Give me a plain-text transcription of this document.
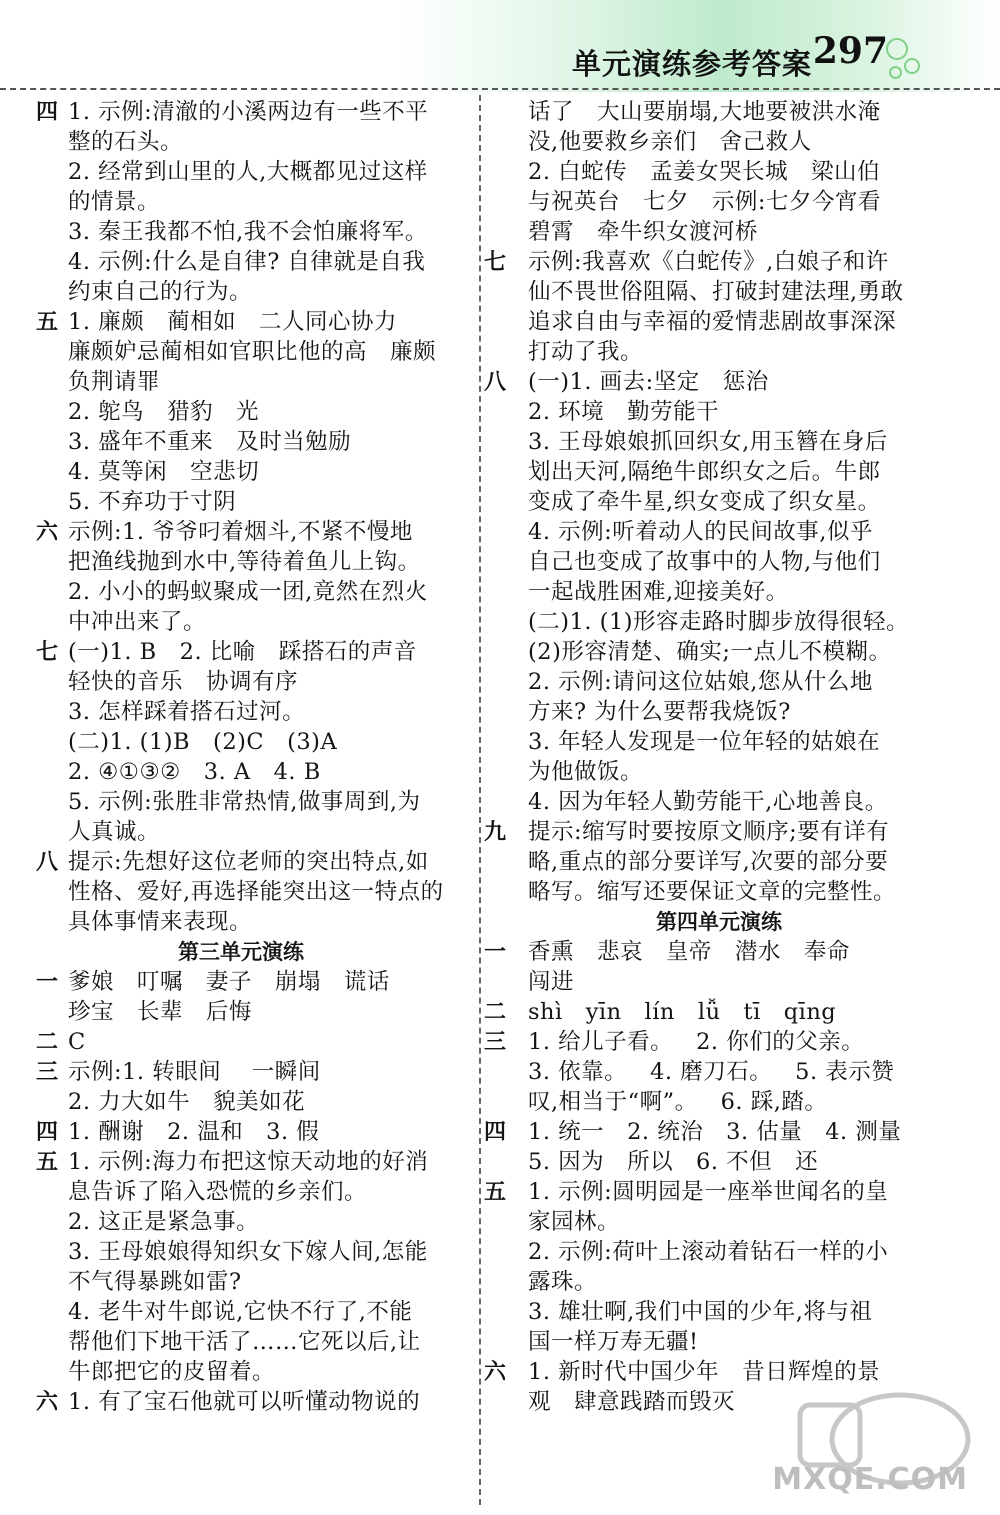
单元演练参考答案 297
四 1. 示例:清澈的小溪两边有一些不平
整的石头。
2. 经常到山里的人,大概都见过这样
的情景。
3. 秦王我都不怕,我不会怕廉将军。
4. 示例:什么是自律? 自律就是自我
约束自己的行为。
五 1. 廉颇   蔺相如   二人同心协力
廉颇妒忌蔺相如官职比他的高   廉颇
负荆请罪
2. 鸵鸟   猎豹   光
3. 盛年不重来   及时当勉励
4. 莫等闲   空悲切
5. 不弃功于寸阴
六 示例:1. 爷爷叼着烟斗,不紧不慢地
把渔线抛到水中,等待着鱼儿上钩。
2. 小小的蚂蚁聚成一团,竟然在烈火
中冲出来了。
七 (一)1. B   2. 比喻   踩搭石的声音
轻快的音乐   协调有序
3. 怎样踩着搭石过河。
(二)1. (1)B   (2)C   (3)A
2. ④①③②   3. A   4. B
5. 示例:张胜非常热情,做事周到,为
人真诚。
八 提示:先想好这位老师的突出特点,如
性格、爱好,再选择能突出这一特点的
具体事情来表现。
第三单元演练
一 爹娘   叮嘱   妻子   崩塌   谎话
珍宝   长辈   后悔
二 C
三 示例:1. 转眼间    一瞬间
2. 力大如牛   貌美如花
四 1. 酬谢   2. 温和   3. 假
五 1. 示例:海力布把这惊天动地的好消
息告诉了陷入恐慌的乡亲们。
2. 这正是紧急事。
3. 王母娘娘得知织女下嫁人间,怎能
不气得暴跳如雷?
4. 老牛对牛郎说,它快不行了,不能
帮他们下地干活了……它死以后,让
牛郎把它的皮留着。
六 1. 有了宝石他就可以听懂动物说的
话了   大山要崩塌,大地要被洪水淹
没,他要救乡亲们   舍己救人
2. 白蛇传   孟姜女哭长城   梁山伯
与祝英台   七夕   示例:七夕今宵看
碧霄   牵牛织女渡河桥
七 示例:我喜欢《白蛇传》,白娘子和许
仙不畏世俗阻隔、打破封建法理,勇敢
追求自由与幸福的爱情悲剧故事深深
打动了我。
八 (一)1. 画去:坚定   惩治
2. 环境   勤劳能干
3. 王母娘娘抓回织女,用玉簪在身后
划出天河,隔绝牛郎织女之后。牛郎
变成了牵牛星,织女变成了织女星。
4. 示例:听着动人的民间故事,似乎
自己也变成了故事中的人物,与他们
一起战胜困难,迎接美好。
(二)1. (1)形容走路时脚步放得很轻。
(2)形容清楚、确实;一点儿不模糊。
2. 示例:请问这位姑娘,您从什么地
方来? 为什么要帮我烧饭?
3. 年轻人发现是一位年轻的姑娘在
为他做饭。
4. 因为年轻人勤劳能干,心地善良。
九 提示:缩写时要按原文顺序;要有详有
略,重点的部分要详写,次要的部分要
略写。缩写还要保证文章的完整性。
第四单元演练
一 香熏   悲哀   皇帝   潜水   奉命
闯进
二 shì   yīn   lín   lǚ   tī   qīng
三 1. 给儿子看。   2. 你们的父亲。
3. 依靠。   4. 磨刀石。   5. 表示赞
叹,相当于“啊”。   6. 踩,踏。
四 1. 统一   2. 统治   3. 估量   4. 测量
5. 因为   所以   6. 不但   还
五 1. 示例:圆明园是一座举世闻名的皇
家园林。
2. 示例:荷叶上滚动着钻石一样的小
露珠。
3. 雄壮啊,我们中国的少年,将与祖
国一样万寿无疆!
六 1. 新时代中国少年   昔日辉煌的景
观   肆意践踏而毁灭
MXQE.COM
